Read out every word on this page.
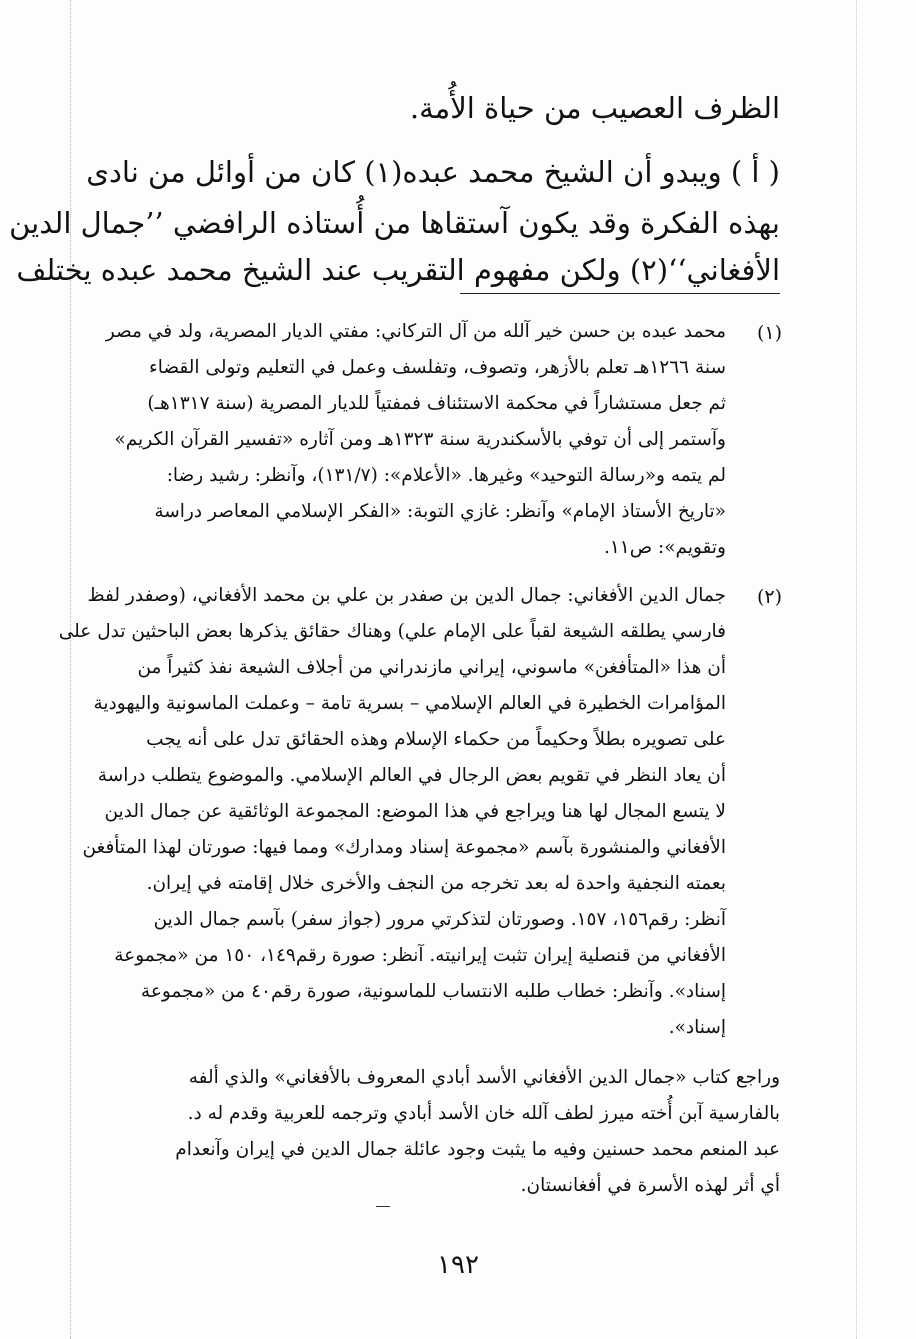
الظرف العصيب من حياة الأُمة.
( أ ) ويبدو أن الشيخ محمد عبده(١) كان من أوائل من نادى
بهذه الفكرة وقد يكون آستقاها من أُستاذه الرافضي ’’جمال الدين
الأفغاني‘‘(٢) ولكن مفهوم التقريب عند الشيخ محمد عبده يختلف
(١)
محمد عبده بن حسن خير آلله من آل التركاني: مفتي الديار المصرية، ولد في مصر
سنة ١٢٦٦هـ تعلم بالأزهر، وتصوف، وتفلسف وعمل في التعليم وتولى القضاء
ثم جعل مستشاراً في محكمة الاستئناف فمفتياً للديار المصرية (سنة ١٣١٧هـ)
وآستمر إلى أن توفي بالأسكندرية سنة ١٣٢٣هـ ومن آثاره «تفسير القرآن الكريم»
لم يتمه و«رسالة التوحيد» وغيرها. «الأعلام»: (١٣١/٧)، وآنظر: رشيد رضا:
«تاريخ الأستاذ الإمام» وآنظر: غازي التوبة: «الفكر الإسلامي المعاصر دراسة
وتقويم»: ص١١.
(٢)
جمال الدين الأفغاني: جمال الدين بن صفدر بن علي بن محمد الأفغاني، (وصفدر لفظ
فارسي يطلقه الشيعة لقباً على الإمام علي) وهناك حقائق يذكرها بعض الباحثين تدل على
أن هذا «المتأفغن» ماسوني، إيراني مازندراني من أجلاف الشيعة نفذ كثيراً من
المؤامرات الخطيرة في العالم الإسلامي – بسرية تامة – وعملت الماسونية واليهودية
على تصويره بطلاً وحكيماً من حكماء الإسلام وهذه الحقائق تدل على أنه يجب
أن يعاد النظر في تقويم بعض الرجال في العالم الإسلامي. والموضوع يتطلب دراسة
لا يتسع المجال لها هنا ويراجع في هذا الموضع: المجموعة الوثائقية عن جمال الدين
الأفغاني والمنشورة بآسم «مجموعة إسناد ومدارك» ومما فيها: صورتان لهذا المتأفغن
بعمته النجفية واحدة له بعد تخرجه من النجف والأخرى خلال إقامته في إيران.
آنظر: رقم١٥٦، ١٥٧. وصورتان لتذكرتي مرور (جواز سفر) بآسم جمال الدين
الأفغاني من قنصلية إيران تثبت إيرانيته. آنظر: صورة رقم١٤٩، ١٥٠ من «مجموعة
إسناد». وآنظر: خطاب طلبه الانتساب للماسونية، صورة رقم٤٠ من «مجموعة
إسناد».
وراجع كتاب «جمال الدين الأفغاني الأسد أبادي المعروف بالأفغاني» والذي ألفه
بالفارسية آبن أُخته ميرز لطف آلله خان الأسد أبادي وترجمه للعربية وقدم له د.
عبد المنعم محمد حسنين وفيه ما يثبت وجود عائلة جمال الدين في إيران وآنعدام
أي أثر لهذه الأسرة في أفغانستان.
١٩٢
